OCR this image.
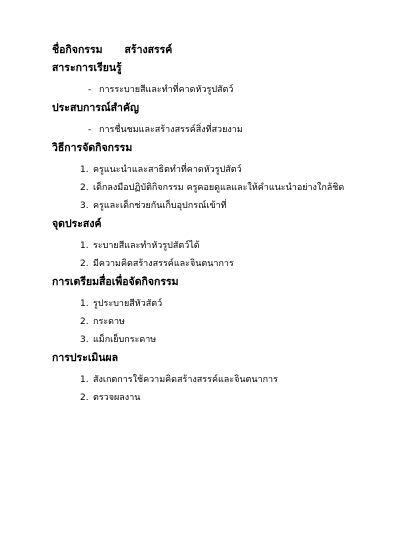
ชื่อกิจกรรม สร้างสรรค์
สาระการเรียนรู้
- การระบายสีและทำที่คาดหัวรูปสัตว์
ประสบการณ์สำคัญ
- การชื่นชมและสร้างสรรค์สิ่งที่สวยงาม
วิธีการจัดกิจกรรม
1. ครูแนะนำและสาธิตทำที่คาดหัวรูปสัตว์
2. เด็กลงมือปฏิบัติกิจกรรม ครูคอยดูแลและให้คำแนะนำอย่างใกล้ชิด
3. ครูและเด็กช่วยกันเก็บอุปกรณ์เข้าที่
จุดประสงค์
1. ระบายสีและทำหัวรูปสัตว์ได้
2. มีความคิดสร้างสรรค์และจินตนาการ
การเตรียมสื่อเพื่อจัดกิจกรรม
1. รูประบายสีหัวสัตว์
2. กระดาษ
3. แม็กเย็บกระดาษ
การประเมินผล
1. สังเกตการใช้ความคิดสร้างสรรค์และจินตนาการ
2. ตรวจผลงาน
